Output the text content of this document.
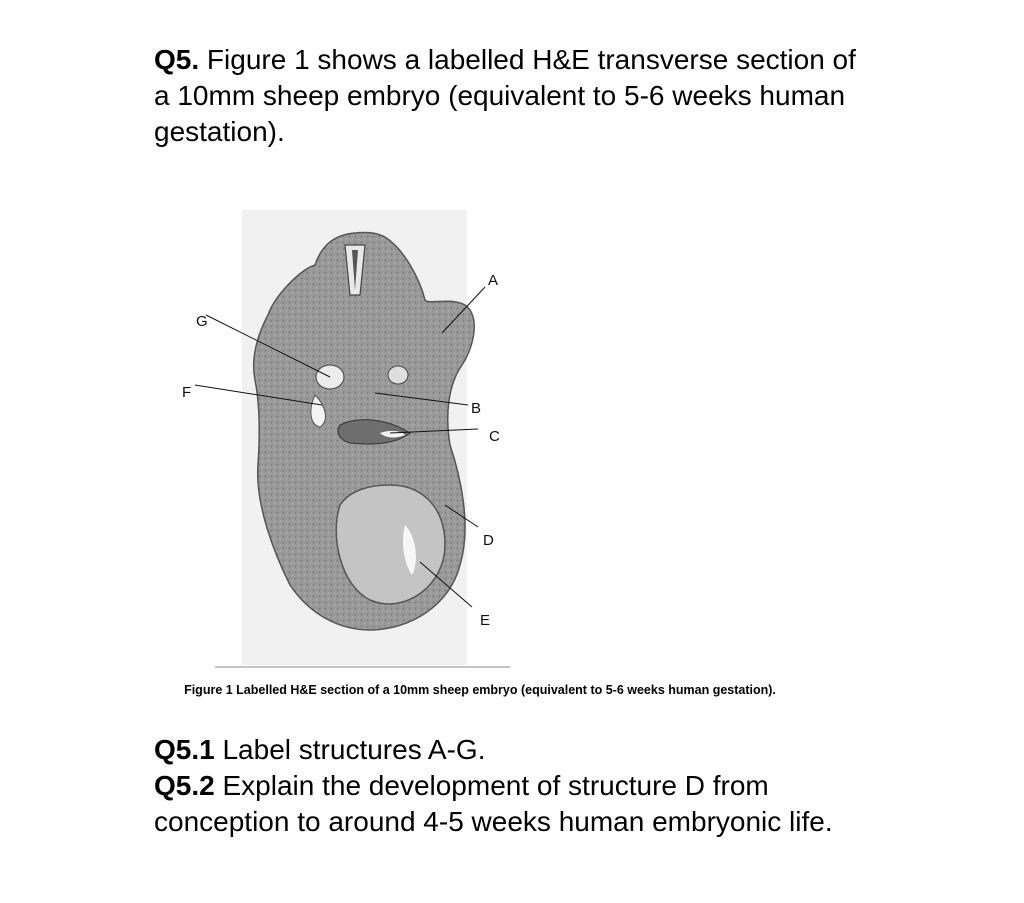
Q5. Figure 1 shows a labelled H&E transverse section of a 10mm sheep embryo (equivalent to 5-6 weeks human gestation).

A
B
C
D
E
F
G

Figure 1 Labelled H&E section of a 10mm sheep embryo (equivalent to 5-6 weeks human gestation).

Q5.1 Label structures A-G.

Q5.2 Explain the development of structure D from conception to around 4-5 weeks human embryonic life.
